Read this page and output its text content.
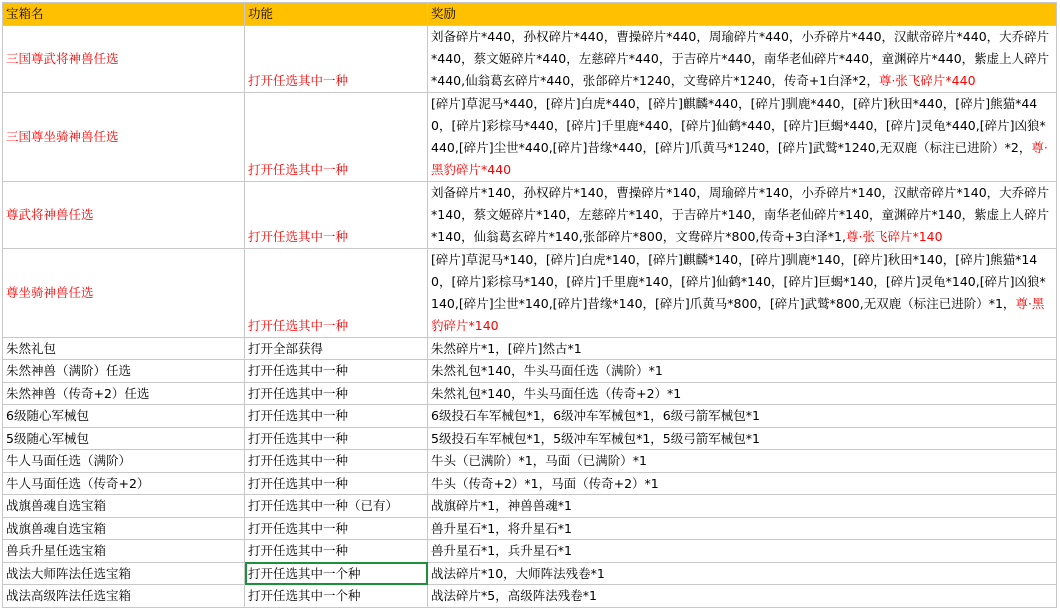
宝箱名	功能	奖励
三国尊武将神兽任选	打开任选其中一种	刘备碎片*440，孙权碎片*440，曹操碎片*440，周瑜碎片*440，小乔碎片*440，汉献帝碎片*440，大乔碎片*440，蔡文姬碎片*440，左慈碎片*440，于吉碎片*440，南华老仙碎片*440，童渊碎片*440，紫虚上人碎片*440,仙翁葛玄碎片*440，张郃碎片*1240，文鸯碎片*1240，传奇+1白泽*2，尊·张飞碎片*440
三国尊坐骑神兽任选	打开任选其中一种	[碎片]草泥马*440，[碎片]白虎*440，[碎片]麒麟*440，[碎片]驯鹿*440，[碎片]秋田*440，[碎片]熊猫*440，[碎片]彩棕马*440，[碎片]千里鹿*440，[碎片]仙鹤*440，[碎片]巨蝎*440，[碎片]灵龟*440,[碎片]凶狼*440,[碎片]尘世*440,[碎片]昔缘*440，[碎片]爪黄马*1240，[碎片]武鹫*1240,无双鹿（标注已进阶）*2，尊·黑豹碎片*440
尊武将神兽任选	打开任选其中一种	刘备碎片*140，孙权碎片*140，曹操碎片*140，周瑜碎片*140，小乔碎片*140，汉献帝碎片*140，大乔碎片*140，蔡文姬碎片*140，左慈碎片*140，于吉碎片*140，南华老仙碎片*140，童渊碎片*140，紫虚上人碎片*140，仙翁葛玄碎片*140,张郃碎片*800，文鸯碎片*800,传奇+3白泽*1,尊·张飞碎片*140
尊坐骑神兽任选	打开任选其中一种	[碎片]草泥马*140，[碎片]白虎*140，[碎片]麒麟*140，[碎片]驯鹿*140，[碎片]秋田*140，[碎片]熊猫*140，[碎片]彩棕马*140，[碎片]千里鹿*140，[碎片]仙鹤*140，[碎片]巨蝎*140，[碎片]灵龟*140,[碎片]凶狼*140,[碎片]尘世*140,[碎片]昔缘*140，[碎片]爪黄马*800，[碎片]武鹫*800,无双鹿（标注已进阶）*1，尊·黑豹碎片*140
朱然礼包	打开全部获得	朱然碎片*1，[碎片]然古*1
朱然神兽（满阶）任选	打开任选其中一种	朱然礼包*140，牛头马面任选（满阶）*1
朱然神兽（传奇+2）任选	打开任选其中一种	朱然礼包*140，牛头马面任选（传奇+2）*1
6级随心军械包	打开任选其中一种	6级投石车军械包*1，6级冲车军械包*1，6级弓箭军械包*1
5级随心军械包	打开任选其中一种	5级投石车军械包*1，5级冲车军械包*1，5级弓箭军械包*1
牛人马面任选（满阶）	打开任选其中一种	牛头（已满阶）*1，马面（已满阶）*1
牛人马面任选（传奇+2）	打开任选其中一种	牛头（传奇+2）*1，马面（传奇+2）*1
战旗兽魂自选宝箱	打开任选其中一种（已有）	战旗碎片*1，神兽兽魂*1
战旗兽魂自选宝箱	打开任选其中一种	兽升星石*1，将升星石*1
兽兵升星任选宝箱	打开任选其中一种	兽升星石*1，兵升星石*1
战法大师阵法任选宝箱	打开任选其中一个种	战法碎片*10，大师阵法残卷*1
战法高级阵法任选宝箱	打开任选其中一个种	战法碎片*5，高级阵法残卷*1
